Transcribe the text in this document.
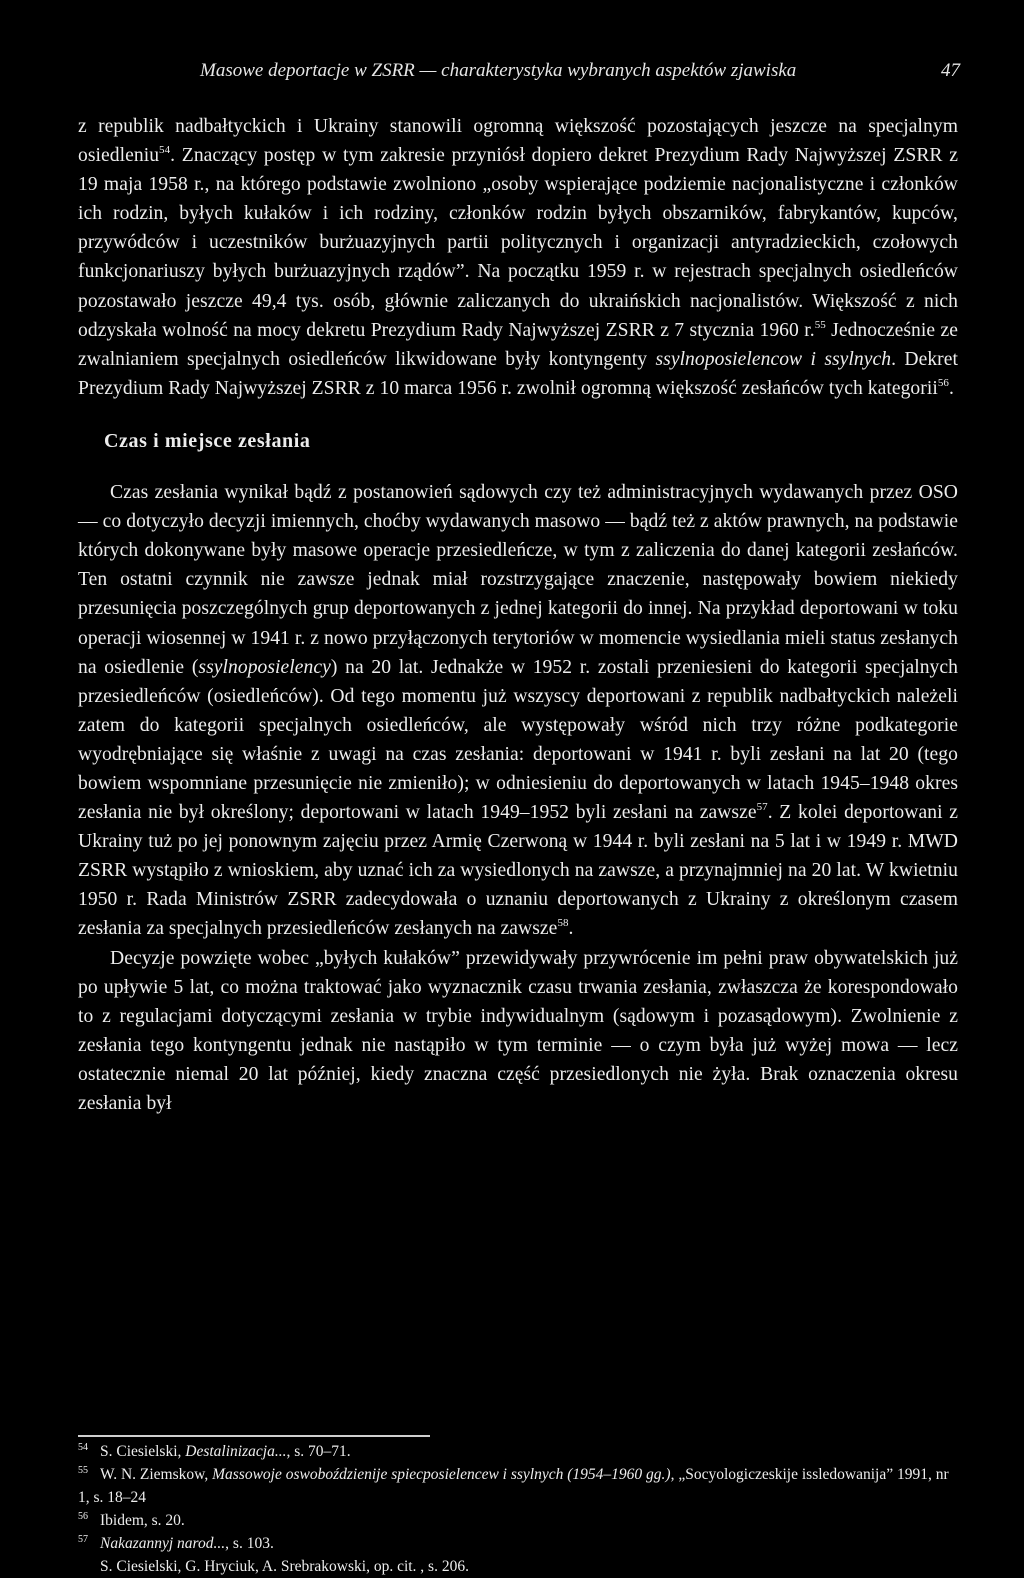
Masowe deportacje w ZSRR — charakterystyka wybranych aspektów zjawiska	47

z republik nadbałtyckich i Ukrainy stanowili ogromną większość pozostających jeszcze na specjalnym osiedleniu$^{54}$. Znaczący postęp w tym zakresie przyniósł dopiero dekret Prezydium Rady Najwyższej ZSRR z 19 maja 1958 r., na którego podstawie zwolniono „osoby wspierające podziemie nacjonalistyczne i członków ich rodzin, byłych kułaków i ich rodziny, członków rodzin byłych obszarników, fabrykantów, kupców, przywódców i uczestników burżuazyjnych partii politycznych i organizacji antyradzieckich, czołowych funkcjonariuszy byłych burżuazyjnych rządów”. Na początku 1959 r. w rejestrach specjalnych osiedleńców pozostawało jeszcze 49,4 tys. osób, głównie zaliczanych do ukraińskich nacjonalistów. Większość z nich odzyskała wolność na mocy dekretu Prezydium Rady Najwyższej ZSRR z 7 stycznia 1960 r.$^{55}$ Jednocześnie ze zwalnianiem specjalnych osiedleńców likwidowane były kontyngenty ssylnoposielencow i ssylnych. Dekret Prezydium Rady Najwyższej ZSRR z 10 marca 1956 r. zwolnił ogromną większość zesłańców tych kategorii$^{56}$.

Czas i miejsce zesłania

Czas zesłania wynikał bądź z postanowień sądowych czy też administracyjnych wydawanych przez OSO — co dotyczyło decyzji imiennych, choćby wydawanych masowo — bądź też z aktów prawnych, na podstawie których dokonywane były masowe operacje przesiedleńcze, w tym z zaliczenia do danej kategorii zesłańców. Ten ostatni czynnik nie zawsze jednak miał rozstrzygające znaczenie, następowały bowiem niekiedy przesunięcia poszczególnych grup deportowanych z jednej kategorii do innej. Na przykład deportowani w toku operacji wiosennej w 1941 r. z nowo przyłączonych terytoriów w momencie wysiedlania mieli status zesłanych na osiedlenie (ssylnoposielency) na 20 lat. Jednakże w 1952 r. zostali przeniesieni do kategorii specjalnych przesiedleńców (osiedleńców). Od tego momentu już wszyscy deportowani z republik nadbałtyckich należeli zatem do kategorii specjalnych osiedleńców, ale występowały wśród nich trzy różne podkategorie wyodrębniające się właśnie z uwagi na czas zesłania: deportowani w 1941 r. byli zesłani na lat 20 (tego bowiem wspomniane przesunięcie nie zmieniło); w odniesieniu do deportowanych w latach 1945–1948 okres zesłania nie był określony; deportowani w latach 1949–1952 byli zesłani na zawsze$^{57}$. Z kolei deportowani z Ukrainy tuż po jej ponownym zajęciu przez Armię Czerwoną w 1944 r. byli zesłani na 5 lat i w 1949 r. MWD ZSRR wystąpiło z wnioskiem, aby uznać ich za wysiedlonych na zawsze, a przynajmniej na 20 lat. W kwietniu 1950 r. Rada Ministrów ZSRR zadecydowała o uznaniu deportowanych z Ukrainy z określonym czasem zesłania za specjalnych przesiedleńców zesłanych na zawsze$^{58}$.

Decyzje powzięte wobec „byłych kułaków” przewidywały przywrócenie im pełni praw obywatelskich już po upływie 5 lat, co można traktować jako wyznacznik czasu trwania zesłania, zwłaszcza że korespondowało to z regulacjami dotyczącymi zesłania w trybie indywidualnym (sądowym i pozasądowym). Zwolnienie z zesłania tego kontyngentu jednak nie nastąpiło w tym terminie — o czym była już wyżej mowa — lecz ostatecznie niemal 20 lat później, kiedy znaczna część przesiedlonych nie żyła. Brak oznaczenia okresu zesłania był

54 S. Ciesielski, Destalinizacja..., s. 70–71.

55 W. N. Ziemskow, Massowoje oswoboździenije spiecposielencew i ssylnych (1954–1960 gg.), „Socyologiczeskije issledowanija” 1991, nr 1, s. 18–24

56 Ibidem, s. 20.

57 Nakazannyj narod..., s. 103.

S. Ciesielski, G. Hryciuk, A. Srebrakowski, op. cit. , s. 206.
